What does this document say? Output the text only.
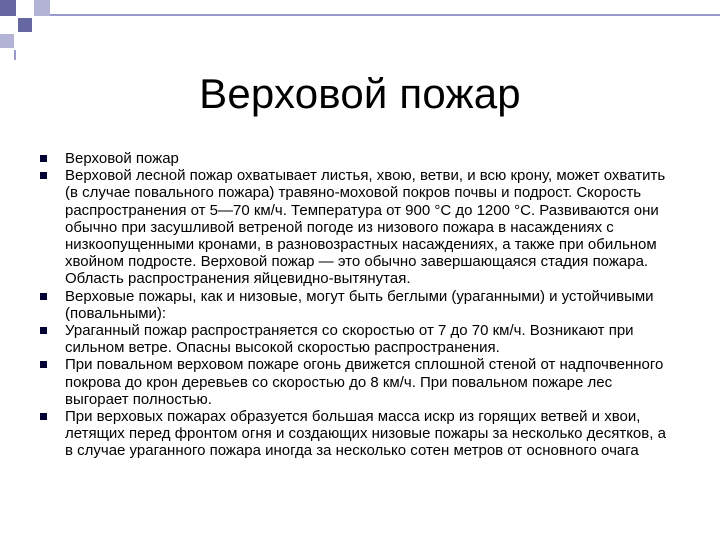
Верховой пожар
Верховой пожар
Верховой лесной пожар охватывает листья, хвою, ветви, и всю крону, может охватить (в случае повального пожара) травяно-моховой покров почвы и подрост. Скорость распространения от 5—70 км/ч. Температура от 900 °С до 1200 °С. Развиваются они обычно при засушливой ветреной погоде из низового пожара в насаждениях с низкоопущенными кронами, в разновозрастных насаждениях, а также при обильном хвойном подросте. Верховой пожар — это обычно завершающаяся стадия пожара. Область распространения яйцевидно-вытянутая.
Верховые пожары, как и низовые, могут быть беглыми (ураганными) и устойчивыми (повальными):
Ураганный пожар распространяется со скоростью от 7 до 70 км/ч. Возникают при сильном ветре. Опасны высокой скоростью распространения.
При повальном верховом пожаре огонь движется сплошной стеной от надпочвенного покрова до крон деревьев со скоростью до 8 км/ч. При повальном пожаре лес выгорает полностью.
При верховых пожарах образуется большая масса искр из горящих ветвей и хвои, летящих перед фронтом огня и создающих низовые пожары за несколько десятков, а в случае ураганного пожара иногда за несколько сотен метров от основного очага
